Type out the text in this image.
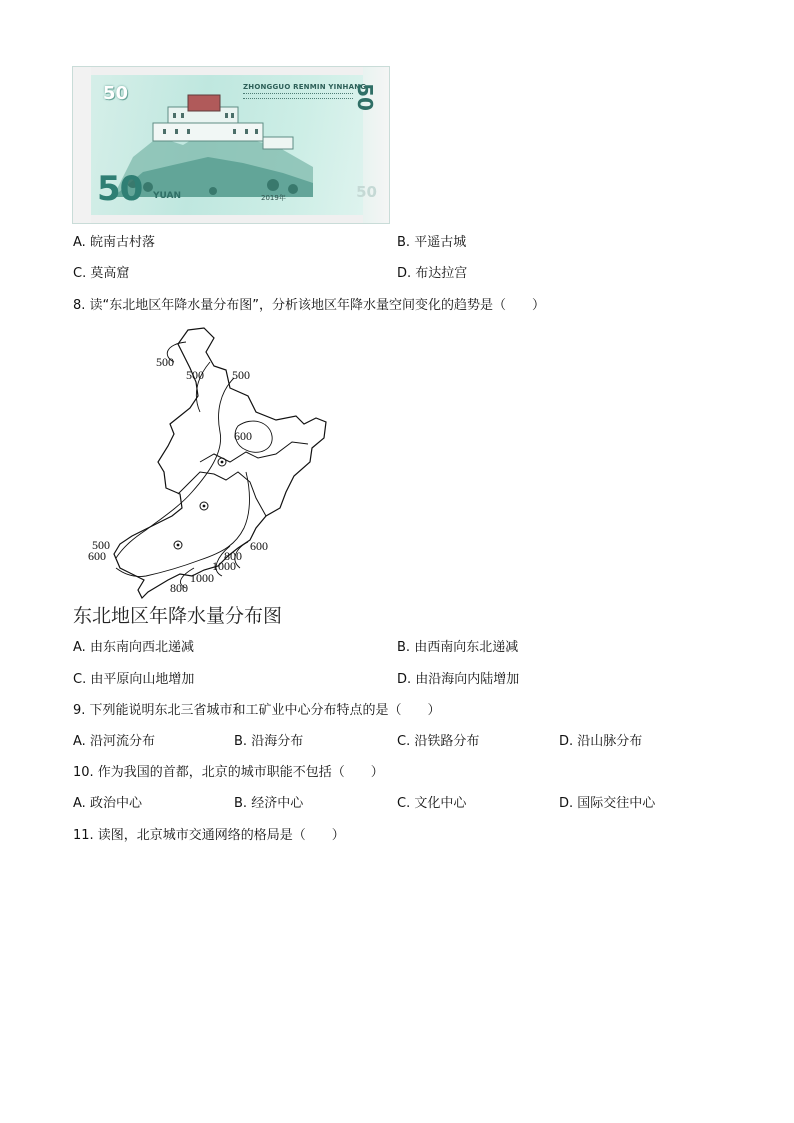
50
50 YUAN
ZHONGGUO RENMIN YINHANG
2019年
50
50
A. 皖南古村落	B. 平遥古城
C. 莫高窟	D. 布达拉宫
8. 读“东北地区年降水量分布图”，分析该地区年降水量空间变化的趋势是（　　）
500
500 500
600
500
600	800
1000
1000
800
600
东北地区年降水量分布图
A. 由东南向西北递减	B. 由西南向东北递减
C. 由平原向山地增加	D. 由沿海向内陆增加
9. 下列能说明东北三省城市和工矿业中心分布特点的是（　　）
A. 沿河流分布	B. 沿海分布	C. 沿铁路分布	D. 沿山脉分布
10. 作为我国的首都，北京的城市职能不包括（　　）
A. 政治中心	B. 经济中心	C. 文化中心	D. 国际交往中心
11. 读图，北京城市交通网络的格局是（　　）
